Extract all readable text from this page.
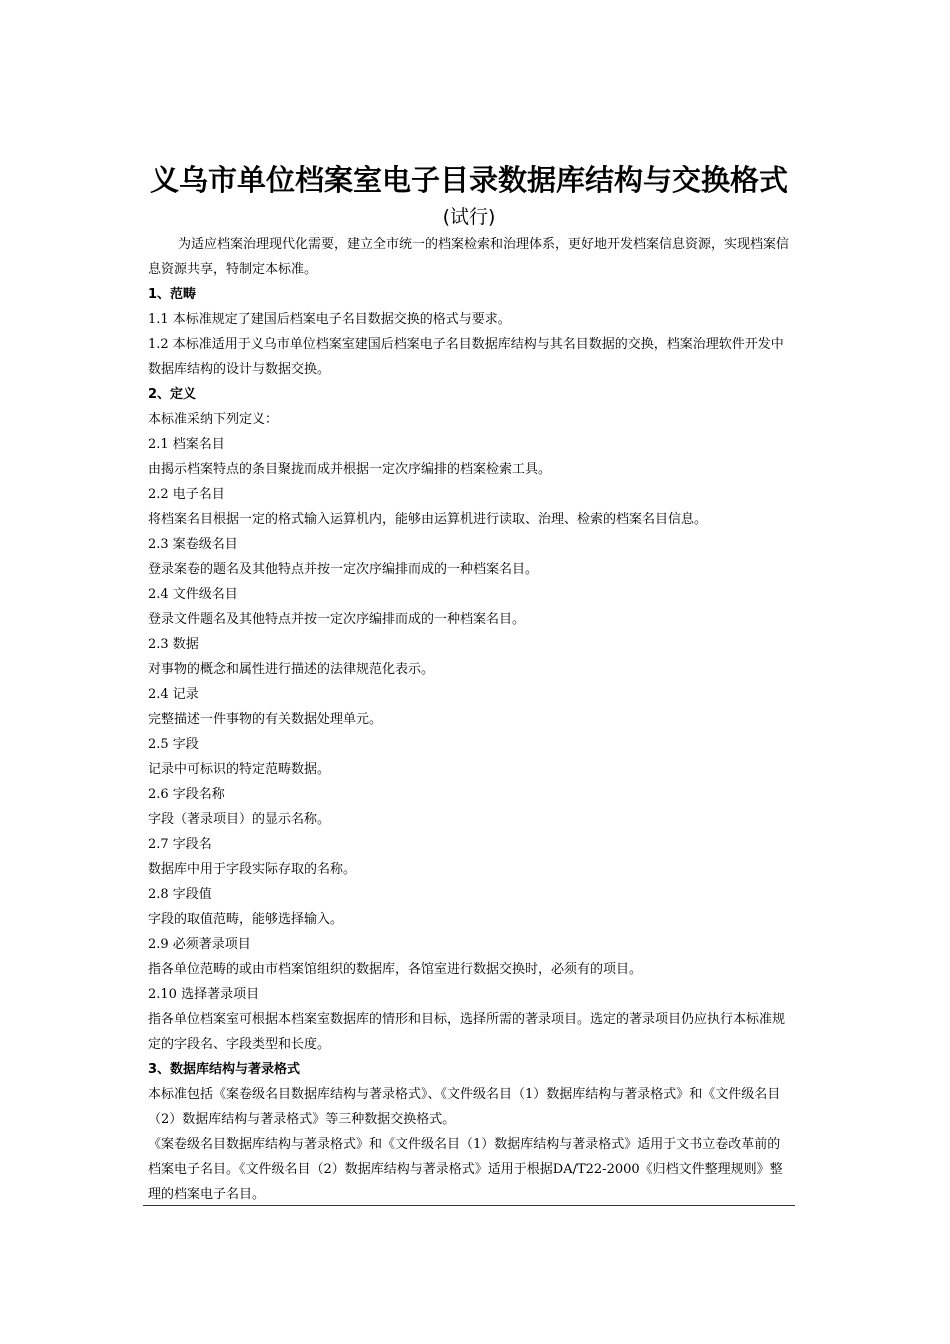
义乌市单位档案室电子目录数据库结构与交换格式
(试行)

为适应档案治理现代化需要，建立全市统一的档案检索和治理体系，更好地开发档案信息资源，实现档案信息资源共享，特制定本标准。

1、范畴

1.1 本标准规定了建国后档案电子名目数据交换的格式与要求。

1.2 本标准适用于义乌市单位档案室建国后档案电子名目数据库结构与其名目数据的交换，档案治理软件开发中数据库结构的设计与数据交换。

2、定义

本标准采纳下列定义：

2.1 档案名目

由揭示档案特点的条目聚拢而成并根据一定次序编排的档案检索工具。

2.2 电子名目

将档案名目根据一定的格式输入运算机内，能够由运算机进行读取、治理、检索的档案名目信息。

2.3 案卷级名目

登录案卷的题名及其他特点并按一定次序编排而成的一种档案名目。

2.4 文件级名目

登录文件题名及其他特点并按一定次序编排而成的一种档案名目。

2.3 数据

对事物的概念和属性进行描述的法律规范化表示。

2.4 记录

完整描述一件事物的有关数据处理单元。

2.5 字段

记录中可标识的特定范畴数据。

2.6 字段名称

字段（著录项目）的显示名称。

2.7 字段名

数据库中用于字段实际存取的名称。

2.8 字段值

字段的取值范畴，能够选择输入。

2.9 必须著录项目

指各单位范畴的或由市档案馆组织的数据库，各馆室进行数据交换时，必须有的项目。

2.10 选择著录项目

指各单位档案室可根据本档案室数据库的情形和目标，选择所需的著录项目。选定的著录项目仍应执行本标准规定的字段名、字段类型和长度。

3、数据库结构与著录格式

本标准包括《案卷级名目数据库结构与著录格式》、《文件级名目（1）数据库结构与著录格式》和《文件级名目（2）数据库结构与著录格式》等三种数据交换格式。

《案卷级名目数据库结构与著录格式》和《文件级名目（1）数据库结构与著录格式》适用于文书立卷改革前的档案电子名目。《文件级名目（2）数据库结构与著录格式》适用于根据DA/T22-2000《归档文件整理规则》整理的档案电子名目。
